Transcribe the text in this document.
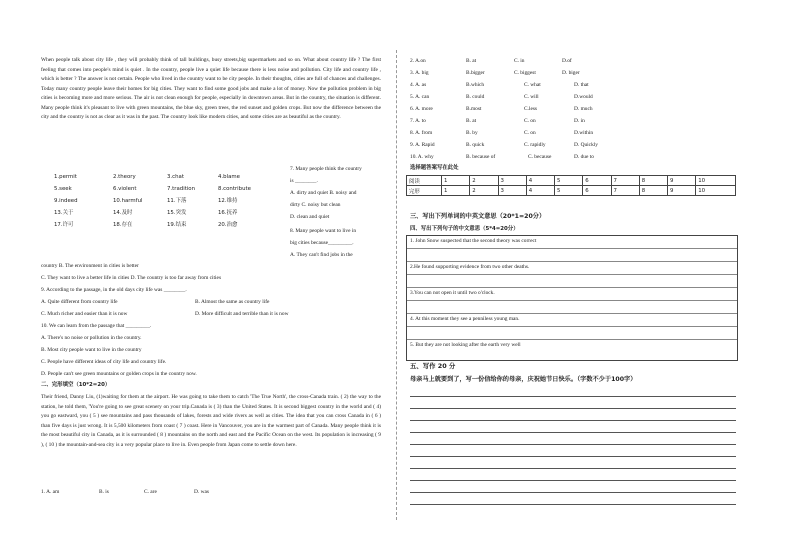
When people talk about city life , they will probably think of tall buildings, busy streets,big supermarkets and so on. What about country life ? The first feeling that comes into people's mind is quiet . In the country, people live a quiet life because there is less noise and pollution. City life and country life , which is better ? The answer is not certain. People who lived in the country want to be city people. In their thoughts, cities are full of chances and challenges. Today many country people leave their homes for big cities. They want to find some good jobs and make a lot of money. Now the pollution problem in big cities is becoming more and more serious. The air is not clean enough for people, especially in downtown areas. But in the country, the situation is different. Many people think it's pleasant to live with green mountains, the blue sky, green trees, the red sunset and golden crops. But now the difference between the city and the country is not as clear as it was in the past. The country look like modern cities, and some cities are as beautiful as the country.
1.permit	2.theory	3.chat	4.blame
5.seek	6.violent	7.tradition	8.contribute
9.indeed	10.harmful	11.下落	12.维持
13.关于	14.及时	15.突发	16.抚养
17.许可	18.存在	19.结束	20.治愈
7. Many people think the country
is ________.
A. dirty and quiet B. noisy and
dirty C. noisy but clean
D. clean and quiet
8. Many people want to live in
big cities because_________.
A. They can't find jobs in the
country B. The environment in cities is better
C. They want to live a better life in cities D. The country is too far away from cities
9. According to the passage, in the old days city life was ________.
A. Quite different from country life	B. Almost the same as country life
C. Much richer and easier than it is now	D. More difficult and terrible than it is now
10. We can learn from the passage that _________.
A. There's no noise or pollution in the country.
B. Most city people want to live in the country
C. People have different ideas of city life and country life.
D. People can't see green mountains or golden crops in the country now.
二、完形填空（10*2=20）
Their friend, Danny Liu, (1)waiting for them at the airport. He was going to take them to catch 'The True North', the cross-Canada train. ( 2) the way to the station, he told them, 'You're going to see great scenery on your trip.Canada is ( 3) than the United States. It is second biggest country in the world and ( 4) you go eastward, you ( 5 ) see mountains and pass thousands of lakes, forests and wide rivers as well as cities. The idea that you can cross Canada in ( 6 ) than five days is just wrong. It is 5,500 kilometers from coast ( 7 ) coast. Here in Vancouver, you are in the warmest part of Canada. Many people think it is the most beautiful city in Canada, as it is surrounded ( 8 ) mountains on the north and east and the Pacific Ocean on the west. Its population is increasing ( 9 ), ( 10 ) the mountain-and-sea city is a very popular place to live in. Even people from Japan come to settle down here.
1. A. am	B. is	C. are	D. was
2. A.on	B. at	C. in	D.of
3. A. big	B.bigger	C. biggest	D. biger
4. A. as	B.which	C. what	D. that
5. A. can	B. could	C. will	D.would
6. A. more	B.most	C.less	D. much
7. A. to	B. at	C. on	D. in
8. A. from	B. by	C. on	D.within
9. A. Rapid	B. quick	C. rapidly	D. Quickly
10. A. why	B. because of	C. because	D. due to
选择题答案写在此处
阅读	1	2	3	4	5	6	7	8	9	10
完形	1	2	3	4	5	6	7	8	9	10
三、写出下列单词的中英文意思（20*1=20分）
四、写出下列句子的中文意思（5*4=20分）
1. John Snow suspected that the second theory was correct
2.He found supporting evidence from two other deaths.
3.You can not open it until two o'clock.
4. At this moment they see a penniless young man.
5. But they are not looking after the earth very well
五、写作 20 分
母亲马上就要到了，写一份信给你的母亲，庆祝她节日快乐。（字数不少于100字）
